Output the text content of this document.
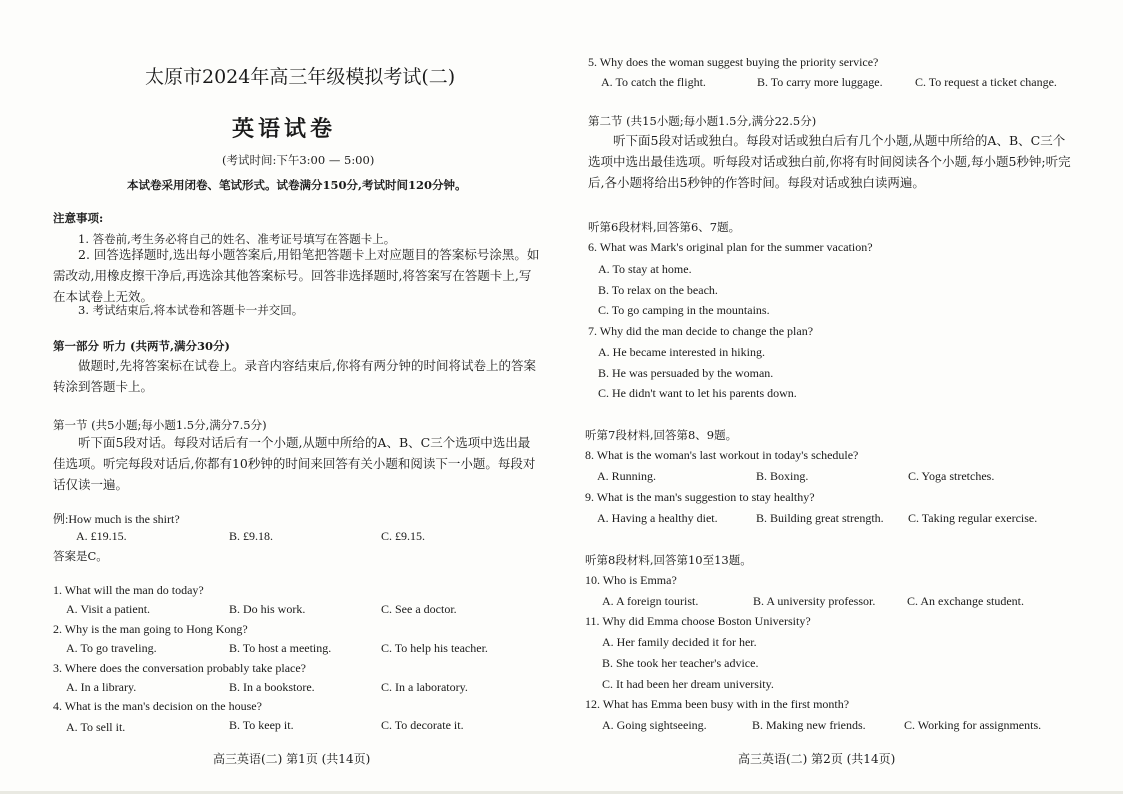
太原市2024年高三年级模拟考试(二)
英语试卷
(考试时间:下午3:00 — 5:00)
本试卷采用闭卷、笔试形式。试卷满分150分,考试时间120分钟。
注意事项:
1. 答卷前,考生务必将自己的姓名、准考证号填写在答题卡上。
2. 回答选择题时,选出每小题答案后,用铅笔把答题卡上对应题目的答案标号涂黑。如需改动,用橡皮擦干净后,再选涂其他答案标号。回答非选择题时,将答案写在答题卡上,写在本试卷上无效。
3. 考试结束后,将本试卷和答题卡一并交回。
第一部分 听力 (共两节,满分30分)
做题时,先将答案标在试卷上。录音内容结束后,你将有两分钟的时间将试卷上的答案转涂到答题卡上。
第一节 (共5小题;每小题1.5分,满分7.5分)
听下面5段对话。每段对话后有一个小题,从题中所给的A、B、C三个选项中选出最佳选项。听完每段对话后,你都有10秒钟的时间来回答有关小题和阅读下一小题。每段对话仅读一遍。
例:How much is the shirt?
A. £19.15.	B. £9.18.	C. £9.15.
答案是C。
1. What will the man do today?
A. Visit a patient.	B. Do his work.	C. See a doctor.
2. Why is the man going to Hong Kong?
A. To go traveling.	B. To host a meeting.	C. To help his teacher.
3. Where does the conversation probably take place?
A. In a library.	B. In a bookstore.	C. In a laboratory.
4. What is the man's decision on the house?
A. To sell it.	B. To keep it.	C. To decorate it.
高三英语(二) 第1页 (共14页)
5. Why does the woman suggest buying the priority service?
A. To catch the flight.	B. To carry more luggage.	C. To request a ticket change.
第二节 (共15小题;每小题1.5分,满分22.5分)
听下面5段对话或独白。每段对话或独白后有几个小题,从题中所给的A、B、C三个选项中选出最佳选项。听每段对话或独白前,你将有时间阅读各个小题,每小题5秒钟;听完后,各小题将给出5秒钟的作答时间。每段对话或独白读两遍。
听第6段材料,回答第6、7题。
6. What was Mark's original plan for the summer vacation?
A. To stay at home.
B. To relax on the beach.
C. To go camping in the mountains.
7. Why did the man decide to change the plan?
A. He became interested in hiking.
B. He was persuaded by the woman.
C. He didn't want to let his parents down.
听第7段材料,回答第8、9题。
8. What is the woman's last workout in today's schedule?
A. Running.	B. Boxing.	C. Yoga stretches.
9. What is the man's suggestion to stay healthy?
A. Having a healthy diet.	B. Building great strength. C. Taking regular exercise.
听第8段材料,回答第10至13题。
10. Who is Emma?
A. A foreign tourist.	B. A university professor.	C. An exchange student.
11. Why did Emma choose Boston University?
A. Her family decided it for her.
B. She took her teacher's advice.
C. It had been her dream university.
12. What has Emma been busy with in the first month?
A. Going sightseeing.	B. Making new friends.	C. Working for assignments.
高三英语(二) 第2页 (共14页)
